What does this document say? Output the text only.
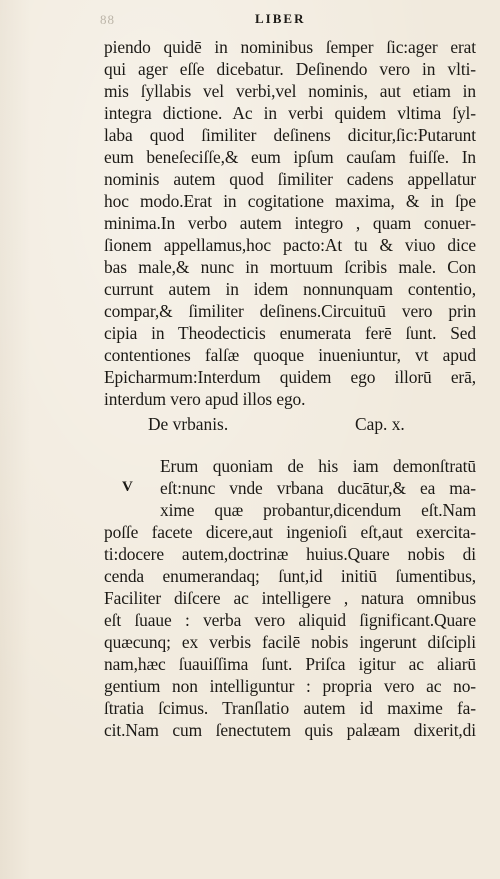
88	LIBER
piendo quidē in nominibus ſemper ſic:ager erat
qui ager eſſe dicebatur. Deſinendo vero in vlti-
mis ſyllabis vel verbi,vel nominis, aut etiam in
integra dictione. Ac in verbi quidem vltima ſyl-
laba quod ſimiliter deſinens dicitur,ſic:Putarunt
eum beneſeciſſe,& eum ipſum cauſam fuiſſe. In
nominis autem quod ſimiliter cadens appellatur
hoc modo.Erat in cogitatione maxima, & in ſpe
minima.In verbo autem integro , quam conuer-
ſionem appellamus,hoc pacto:At tu & viuo dice
bas male,& nunc in mortuum ſcribis male. Con
currunt autem in idem nonnunquam contentio,
compar,& ſimiliter deſinens.Circuituū vero prin
cipia in Theodecticis enumerata ferē ſunt. Sed
contentiones falſæ quoque inueniuntur, vt apud
Epicharmum:Interdum quidem ego illorū erā,
interdum vero apud illos ego.
De vrbanis.	Cap. x.
V
Erum quoniam de his iam demonſtratū
eſt:nunc vnde vrbana ducātur,& ea ma-
xime quæ probantur,dicendum eſt.Nam
poſſe facete dicere,aut ingenioſi eſt,aut exercita-
ti:docere autem,doctrinæ huius.Quare nobis di
cenda enumerandaq; ſunt,id initiū ſumentibus,
Faciliter diſcere ac intelligere , natura omnibus
eſt ſuaue : verba vero aliquid ſignificant.Quare
quæcunq; ex verbis facilē nobis ingerunt diſcipli
nam,hæc ſuauiſſima ſunt. Priſca igitur ac aliarū
gentium non intelliguntur : propria vero ac no-
ſtratia ſcimus. Tranſlatio autem id maxime fa-
cit.Nam cum ſenectutem quis palæam dixerit,di
